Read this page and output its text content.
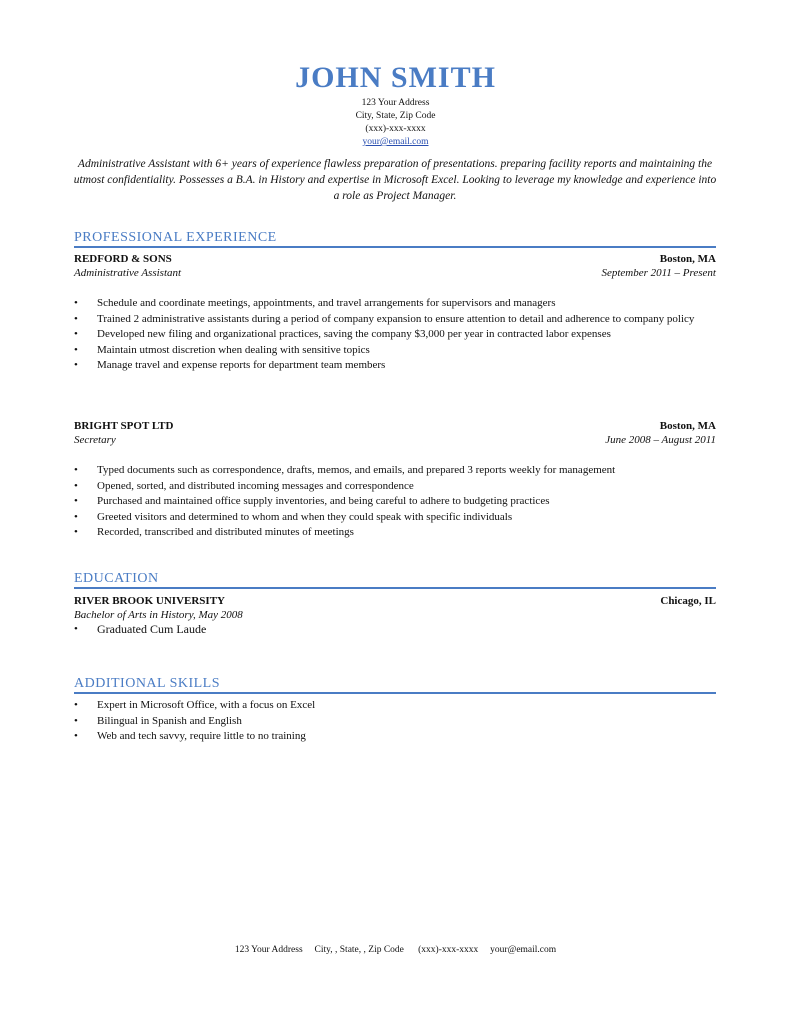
JOHN SMITH
123 Your Address
City, State, Zip Code
(xxx)-xxx-xxxx
your@email.com
Administrative Assistant with 6+ years of experience flawless preparation of presentations. preparing facility reports and maintaining the utmost confidentiality. Possesses a B.A. in History and expertise in Microsoft Excel. Looking to leverage my knowledge and experience into a role as Project Manager.
PROFESSIONAL EXPERIENCE
REDFORD & SONS	Boston, MA
Administrative Assistant	September 2011 – Present
• Schedule and coordinate meetings, appointments, and travel arrangements for supervisors and managers
• Trained 2 administrative assistants during a period of company expansion to ensure attention to detail and adherence to company policy
• Developed new filing and organizational practices, saving the company $3,000 per year in contracted labor expenses
• Maintain utmost discretion when dealing with sensitive topics
• Manage travel and expense reports for department team members
BRIGHT SPOT LTD	Boston, MA
Secretary	June 2008 – August 2011
• Typed documents such as correspondence, drafts, memos, and emails, and prepared 3 reports weekly for management
• Opened, sorted, and distributed incoming messages and correspondence
• Purchased and maintained office supply inventories, and being careful to adhere to budgeting practices
• Greeted visitors and determined to whom and when they could speak with specific individuals
• Recorded, transcribed and distributed minutes of meetings
EDUCATION
RIVER BROOK UNIVERSITY	Chicago, IL
Bachelor of Arts in History, May 2008
• Graduated Cum Laude
ADDITIONAL SKILLS
• Expert in Microsoft Office, with a focus on Excel
• Bilingual in Spanish and English
• Web and tech savvy, require little to no training
123 Your Address     City, , State, , Zip Code      (xxx)-xxx-xxxx     your@email.com
